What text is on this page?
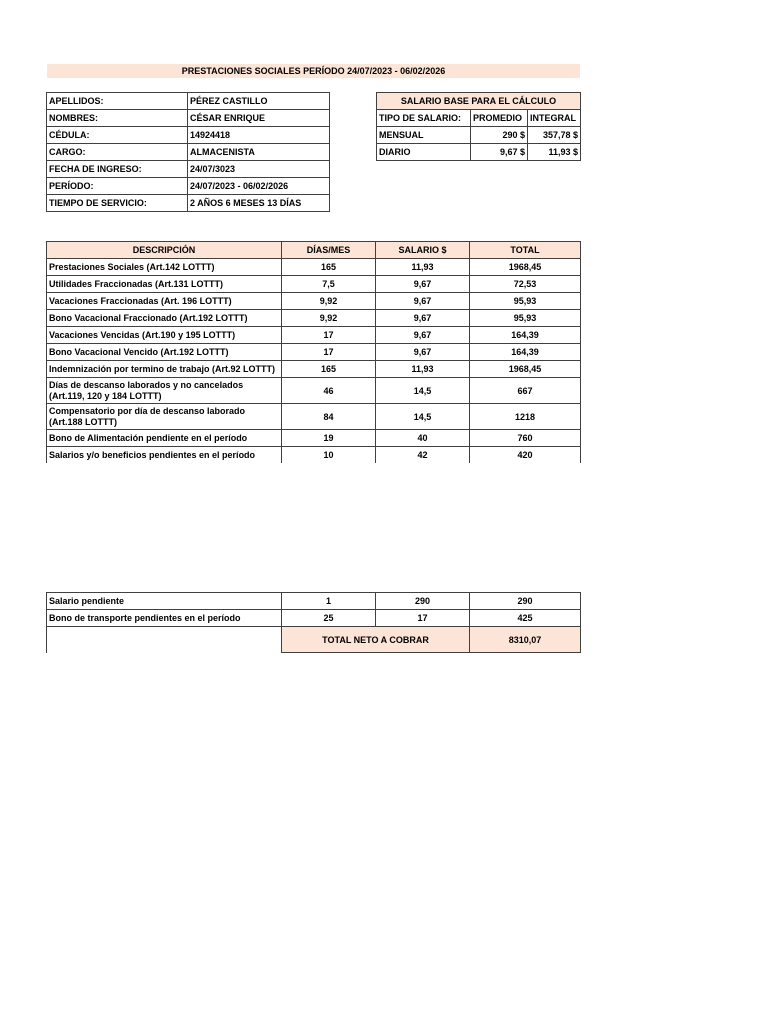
PRESTACIONES SOCIALES PERÍODO 24/07/2023 - 06/02/2026
APELLIDOS:	PÉREZ CASTILLO
NOMBRES:	CÉSAR ENRIQUE
CÉDULA:	14924418
CARGO:	ALMACENISTA
FECHA DE INGRESO:	24/07/3023
PERÍODO:	24/07/2023 - 06/02/2026
TIEMPO DE SERVICIO:	2 AÑOS 6 MESES 13 DÍAS
SALARIO BASE PARA EL CÁLCULO		
TIPO DE SALARIO:	PROMEDIO	INTEGRAL
MENSUAL	290 $	357,78 $
DIARIO	9,67 $	11,93 $
DESCRIPCIÓN	DÍAS/MES	SALARIO $	TOTAL
Prestaciones Sociales (Art.142 LOTTT)	165	11,93	1968,45
Utilidades Fraccionadas (Art.131 LOTTT)	7,5	9,67	72,53
Vacaciones Fraccionadas (Art. 196 LOTTT)	9,92	9,67	95,93
Bono Vacacional Fraccionado (Art.192 LOTTT)	9,92	9,67	95,93
Vacaciones Vencidas (Art.190 y 195 LOTTT)	17	9,67	164,39
Bono Vacacional Vencido (Art.192 LOTTT)	17	9,67	164,39
Indemnización por termino de trabajo (Art.92 LOTTT)	165	11,93	1968,45
Días de descanso laborados y no cancelados (Art.119, 120 y 184 LOTTT)	46	14,5	667
Compensatorio por día de descanso laborado (Art.188 LOTTT)	84	14,5	1218
Bono de Alimentación pendiente en el período	19	40	760
Salarios y/o beneficios pendientes en el período	10	42	420
Salario pendiente	1	290	290
Bono de transporte pendientes en el período	25	17	425
	TOTAL NETO A COBRAR		8310,07
